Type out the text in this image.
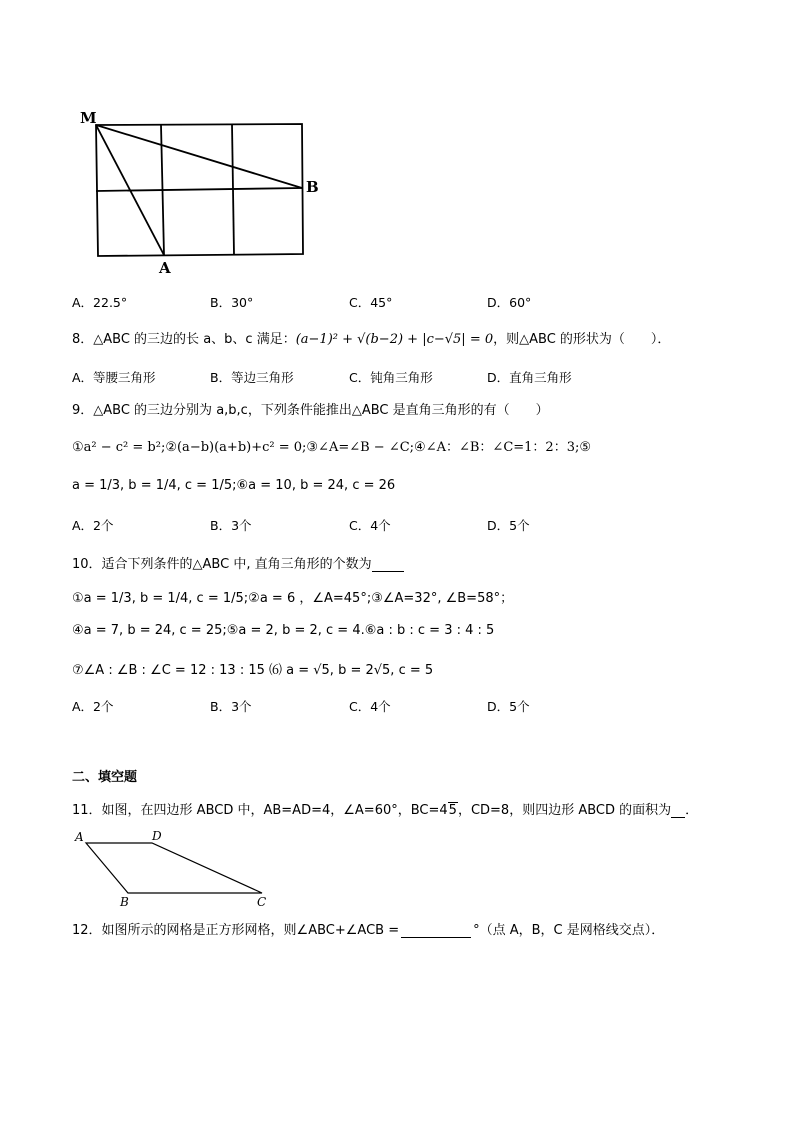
M
B
A
A．22.5°	B．30°	C．45°	D．60°
8．△ABC 的三边的长 a、b、c 满足：(a−1)² + √(b−2) + |c−√5| = 0，则△ABC 的形状为（　　）．
A．等腰三角形	B．等边三角形	C．钝角三角形	D．直角三角形
9．△ABC 的三边分别为 a,b,c，下列条件能推出△ABC 是直角三角形的有（　　）
①a² − c² = b²;②(a−b)(a+b)+c² = 0;③∠A=∠B − ∠C;④∠A：∠B：∠C=1：2：3;⑤
a = 1/3, b = 1/4, c = 1/5;⑥a = 10, b = 24, c = 26
A．2个	B．3个	C．4个	D．5个
10．适合下列条件的△ABC 中, 直角三角形的个数为
①a = 1/3, b = 1/4, c = 1/5;②a = 6 ，∠A=45°;③∠A=32°, ∠B=58°；
④a = 7, b = 24, c = 25;⑤a = 2, b = 2, c = 4.⑥a : b : c = 3 : 4 : 5
⑦∠A : ∠B : ∠C = 12 : 13 : 15 ⑹ a = √5, b = 2√5, c = 5
A．2个	B．3个	C．4个	D．5个
二、填空题
11．如图，在四边形 ABCD 中，AB=AD=4，∠A=60°，BC=45，CD=8，则四边形 ABCD 的面积为 ．
A	D
B	C
12．如图所示的网格是正方形网格，则∠ABC+∠ACB =	°（点 A，B，C 是网格线交点）．
